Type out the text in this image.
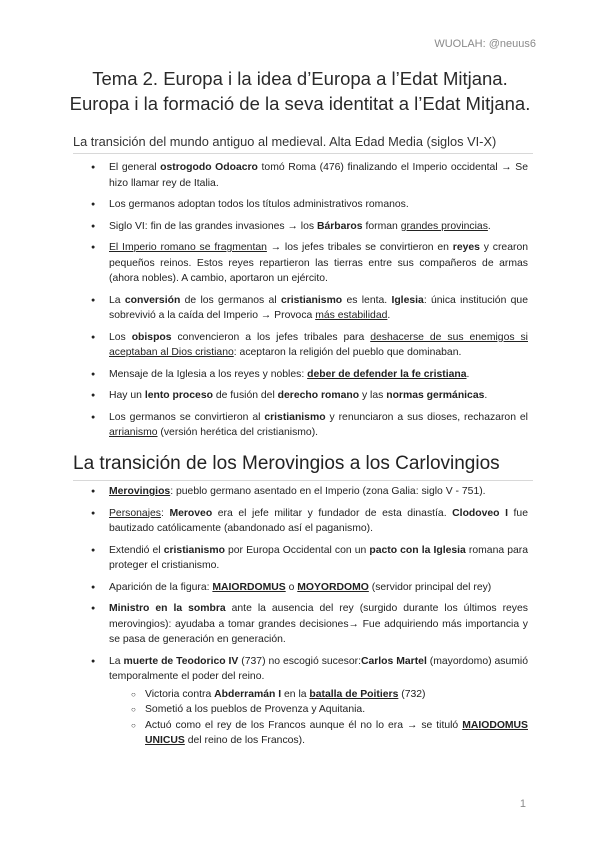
WUOLAH: @neuus6
Tema 2. Europa i la idea d’Europa a l’Edat Mitjana.
Europa i la formació de la seva identitat a l’Edat Mitjana.
La transición del mundo antiguo al medieval. Alta Edad Media (siglos VI-X)
● El general ostrogodo Odoacro tomó Roma (476) finalizando el Imperio occidental → Se hizo llamar rey de Italia.
● Los germanos adoptan todos los títulos administrativos romanos.
● Siglo VI: fin de las grandes invasiones → los Bárbaros forman grandes provincias.
● El Imperio romano se fragmentan → los jefes tribales se convirtieron en reyes y crearon pequeños reinos. Estos reyes repartieron las tierras entre sus compañeros de armas (ahora nobles). A cambio, aportaron un ejército.
● La conversión de los germanos al cristianismo es lenta. Iglesia: única institución que sobrevivió a la caída del Imperio → Provoca más estabilidad.
● Los obispos convencieron a los jefes tribales para deshacerse de sus enemigos si aceptaban al Dios cristiano: aceptaron la religión del pueblo que dominaban.
● Mensaje de la Iglesia a los reyes y nobles: deber de defender la fe cristiana.
● Hay un lento proceso de fusión del derecho romano y las normas germánicas.
● Los germanos se convirtieron al cristianismo y renunciaron a sus dioses, rechazaron el arrianismo (versión herética del cristianismo).
La transición de los Merovingios a los Carlovingios
● Merovingios: pueblo germano asentado en el Imperio (zona Galia: siglo V - 751).
● Personajes: Meroveo era el jefe militar y fundador de esta dinastía. Clodoveo I fue bautizado católicamente (abandonado así el paganismo).
● Extendió el cristianismo por Europa Occidental con un pacto con la Iglesia romana para proteger el cristianismo.
● Aparición de la figura: MAIORDOMUS o MOYORDOMO (servidor principal del rey)
● Ministro en la sombra ante la ausencia del rey (surgido durante los últimos reyes merovingios): ayudaba a tomar grandes decisiones→ Fue adquiriendo más importancia y se pasa de generación en generación.
● La muerte de Teodorico IV (737) no escogió sucesor:Carlos Martel (mayordomo) asumió temporalmente el poder del reino.
○ Victoria contra Abderramán I en la batalla de Poitiers (732)
○ Sometió a los pueblos de Provenza y Aquitania.
○ Actuó como el rey de los Francos aunque él no lo era → se tituló MAIODOMUS UNICUS del reino de los Francos).
1
